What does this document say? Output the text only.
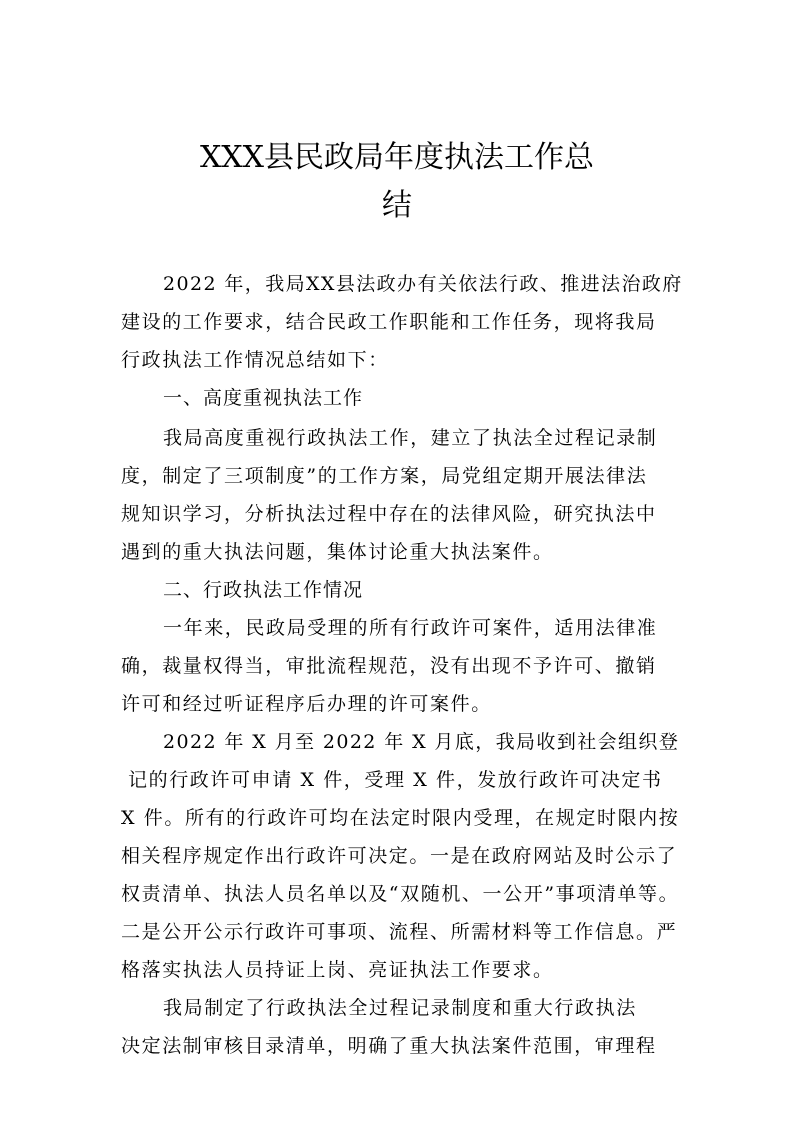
XXX县民政局年度执法工作总
结
2022 年，我局XX县法政办有关依法行政、推进法治政府
建设的工作要求，结合民政工作职能和工作任务，现将我局
行政执法工作情况总结如下：
一、高度重视执法工作
我局高度重视行政执法工作，建立了执法全过程记录制
度，制定了三项制度”的工作方案，局党组定期开展法律法
规知识学习，分析执法过程中存在的法律风险，研究执法中
遇到的重大执法问题，集体讨论重大执法案件。
二、行政执法工作情况
一年来，民政局受理的所有行政许可案件，适用法律准
确，裁量权得当，审批流程规范，没有出现不予许可、撤销
许可和经过听证程序后办理的许可案件。
2022 年 X 月至 2022 年 X 月底，我局收到社会组织登
记的行政许可申请 X 件，受理 X 件，发放行政许可决定书
X 件。所有的行政许可均在法定时限内受理，在规定时限内按
相关程序规定作出行政许可决定。一是在政府网站及时公示了
权责清单、执法人员名单以及“双随机、一公开”事项清单等。
二是公开公示行政许可事项、流程、所需材料等工作信息。严
格落实执法人员持证上岗、亮证执法工作要求。
我局制定了行政执法全过程记录制度和重大行政执法
决定法制审核目录清单，明确了重大执法案件范围，审理程
